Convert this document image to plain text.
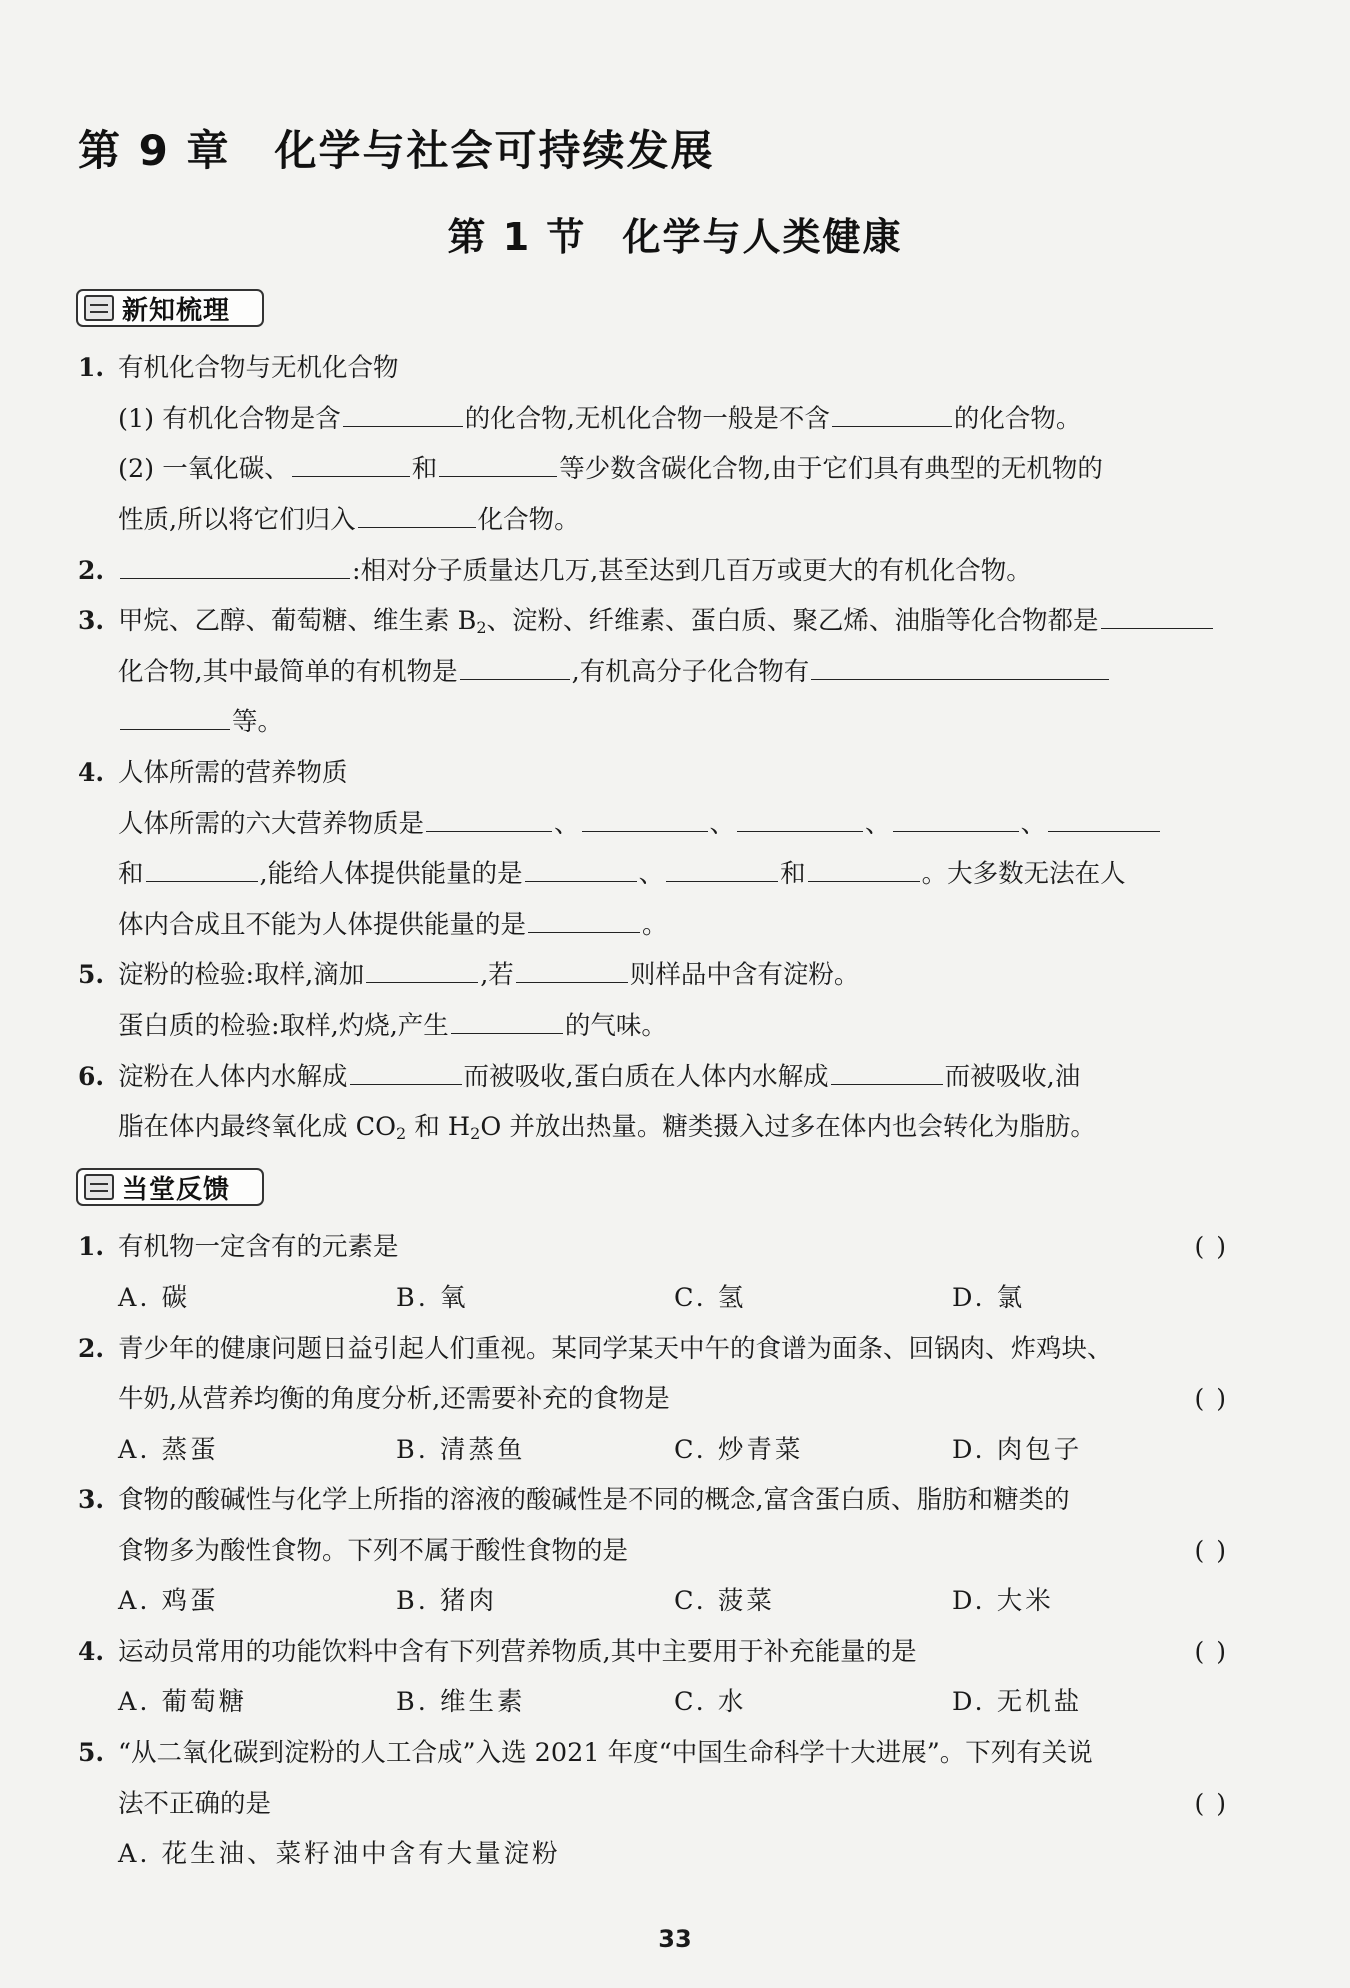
第 9 章 化学与社会可持续发展
第 1 节 化学与人类健康
新知梳理
1. 有机化合物与无机化合物
(1) 有机化合物是含	的化合物,无机化合物一般是不含	的化合物。
(2) 一氧化碳、	和	等少数含碳化合物,由于它们具有典型的无机物的
性质,所以将它们归入	化合物。
2.	:相对分子质量达几万,甚至达到几百万或更大的有机化合物。
3. 甲烷、乙醇、葡萄糖、维生素 $B_2$、淀粉、纤维素、蛋白质、聚乙烯、油脂等化合物都是
化合物,其中最简单的有机物是	,有机高分子化合物有
等。
4. 人体所需的营养物质
人体所需的六大营养物质是	、	、	、	、
和	,能给人体提供能量的是	、	和	。大多数无法在人
体内合成且不能为人体提供能量的是	。
5. 淀粉的检验:取样,滴加	,若	则样品中含有淀粉。
蛋白质的检验:取样,灼烧,产生	的气味。
6. 淀粉在人体内水解成	而被吸收,蛋白质在人体内水解成	而被吸收,油
脂在体内最终氧化成 $CO_2$ 和 $H_2O$ 并放出热量。糖类摄入过多在体内也会转化为脂肪。
当堂反馈
1. 有机物一定含有的元素是	( )
A. 碳	B. 氧	C. 氢	D. 氯
2. 青少年的健康问题日益引起人们重视。某同学某天中午的食谱为面条、回锅肉、炸鸡块、
牛奶,从营养均衡的角度分析,还需要补充的食物是	( )
A. 蒸蛋	B. 清蒸鱼	C. 炒青菜	D. 肉包子
3. 食物的酸碱性与化学上所指的溶液的酸碱性是不同的概念,富含蛋白质、脂肪和糖类的
食物多为酸性食物。下列不属于酸性食物的是	( )
A. 鸡蛋	B. 猪肉	C. 菠菜	D. 大米
4. 运动员常用的功能饮料中含有下列营养物质,其中主要用于补充能量的是	( )
A. 葡萄糖	B. 维生素	C. 水	D. 无机盐
5. “从二氧化碳到淀粉的人工合成”入选 2021 年度“中国生命科学十大进展”。下列有关说
法不正确的是	( )
A. 花生油、菜籽油中含有大量淀粉
33
